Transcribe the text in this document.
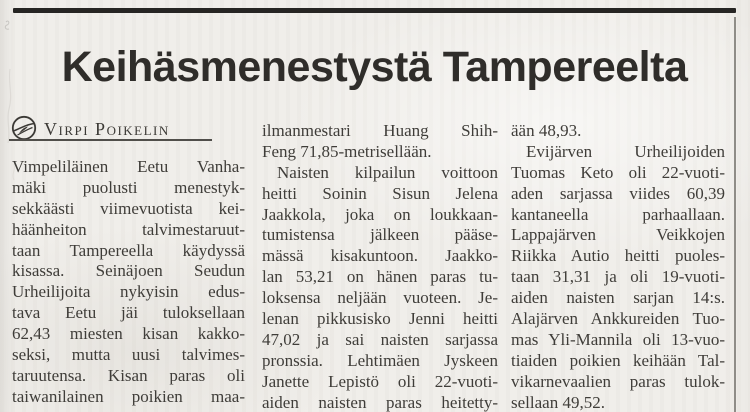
Keihäsmenestystä Tampereelta
Virpi Poikelin
Vimpeliläinen Eetu Vanha-
mäki puolusti menestyk-
sekkäästi viimevuotista kei-
häänheiton talvimestaruut-
taan Tampereella käydyssä
kisassa. Seinäjoen Seudun
Urheilijoita nykyisin edus-
tava Eetu jäi tuloksellaan
62,43 miesten kisan kakko-
seksi, mutta uusi talvimes-
taruutensa. Kisan paras oli
taiwanilainen poikien maa-
ilmanmestari Huang Shih-
Feng 71,85-metrisellään.
Naisten kilpailun voittoon
heitti Soinin Sisun Jelena
Jaakkola, joka on loukkaan-
tumistensa jälkeen pääse-
mässä kisakuntoon. Jaakko-
lan 53,21 on hänen paras tu-
loksensa neljään vuoteen. Je-
lenan pikkusisko Jenni heitti
47,02 ja sai naisten sarjassa
pronssia. Lehtimäen Jyskeen
Janette Lepistö oli 22-vuoti-
aiden naisten paras heitetty-
ään 48,93.
Evijärven Urheilijoiden
Tuomas Keto oli 22-vuoti-
aden sarjassa viides 60,39
kantaneella parhaallaan.
Lappajärven Veikkojen
Riikka Autio heitti puoles-
taan 31,31 ja oli 19-vuoti-
aiden naisten sarjan 14:s.
Alajärven Ankkureiden Tuo-
mas Yli-Mannila oli 13-vuo-
tiaiden poikien keihään Tal-
vikarnevaalien paras tulok-
sellaan 49,52.
